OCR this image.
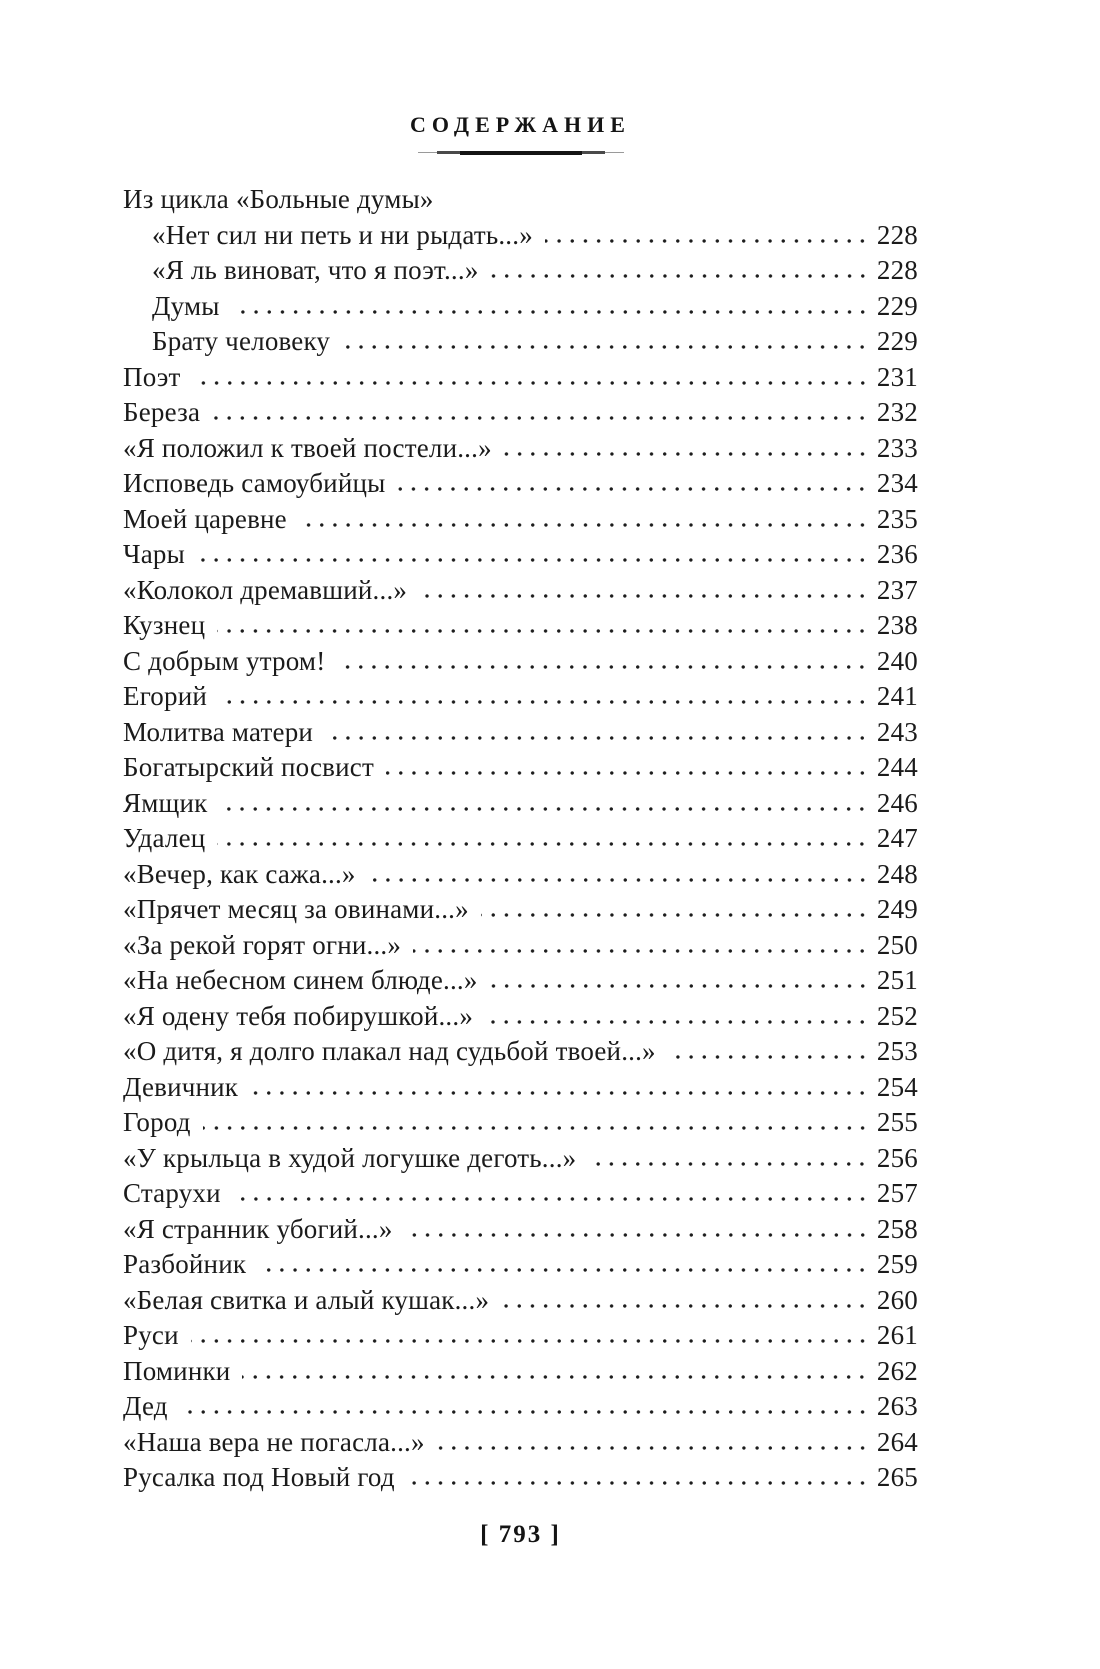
СОДЕРЖАНИЕ
Из цикла «Больные думы»
«Нет сил ни петь и ни рыдать...»	228
«Я ль виноват, что я поэт...»	228
Думы	229
Брату человеку	229
Поэт	231
Береза	232
«Я положил к твоей постели...»	233
Исповедь самоубийцы	234
Моей царевне	235
Чары	236
«Колокол дремавший...»	237
Кузнец	238
С добрым утром!	240
Егорий	241
Молитва матери	243
Богатырский посвист	244
Ямщик	246
Удалец	247
«Вечер, как сажа...»	248
«Прячет месяц за овинами...»	249
«За рекой горят огни...»	250
«На небесном синем блюде...»	251
«Я одену тебя побирушкой...»	252
«О дитя, я долго плакал над судьбой твоей...»	253
Девичник	254
Город	255
«У крыльца в худой логушке деготь...»	256
Старухи	257
«Я странник убогий...»	258
Разбойник	259
«Белая свитка и алый кушак...»	260
Руси	261
Поминки	262
Дед	263
«Наша вера не погасла...»	264
Русалка под Новый год	265
[ 793 ]
